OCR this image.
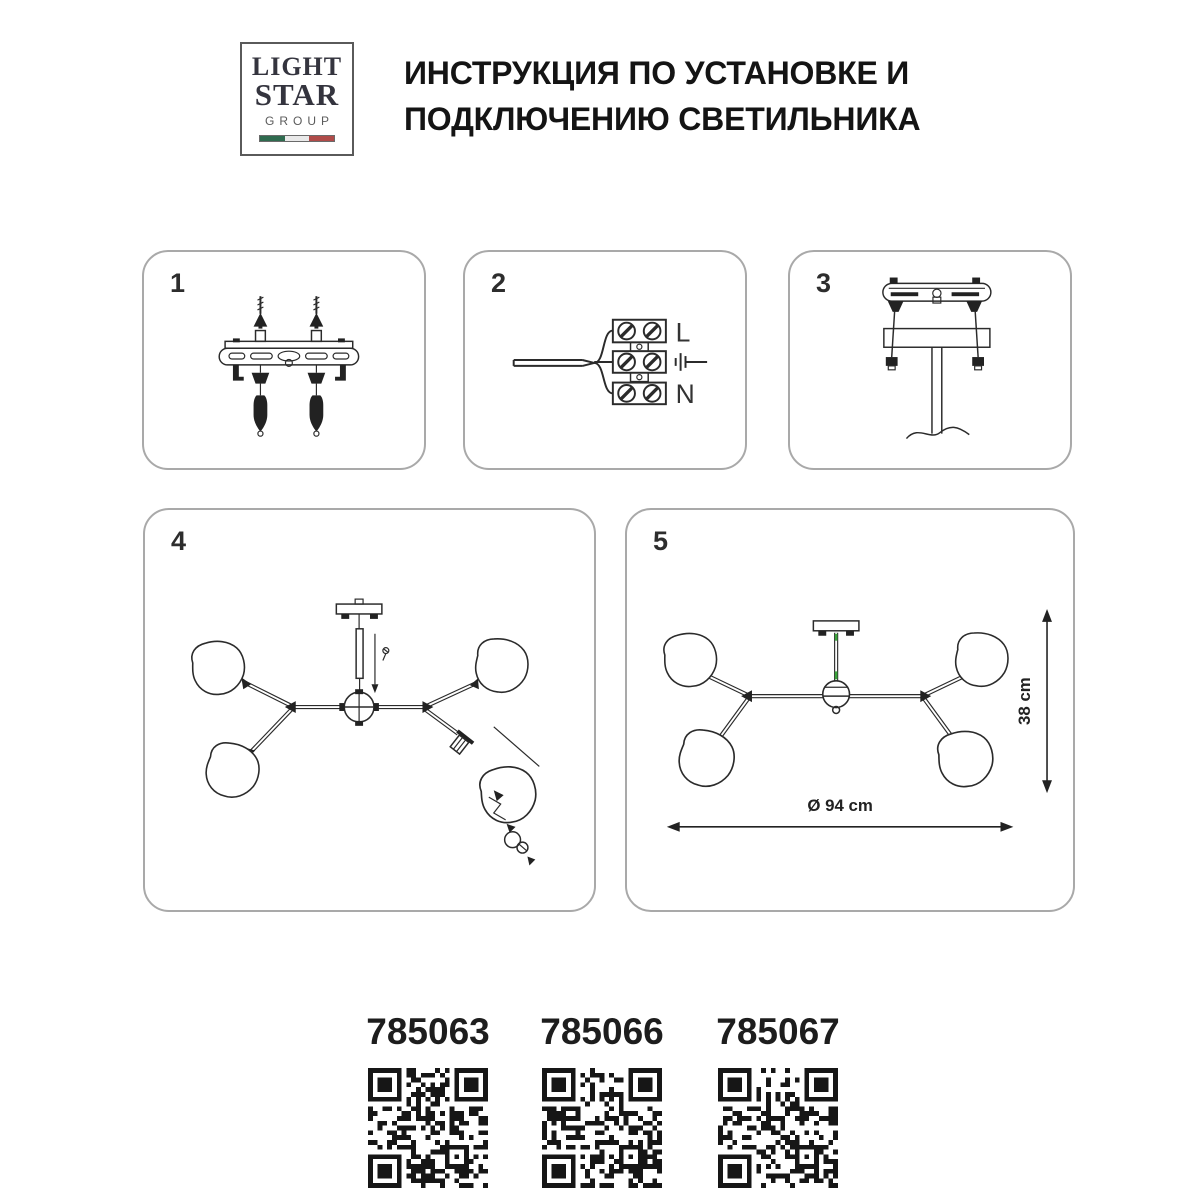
LIGHT
STAR
GROUP
ИНСТРУКЦИЯ ПО УСТАНОВКЕ И
ПОДКЛЮЧЕНИЮ СВЕТИЛЬНИКА
1	2
L
N
3
4	5
38 cm
Ø 94 cm
785063 785066 785067
